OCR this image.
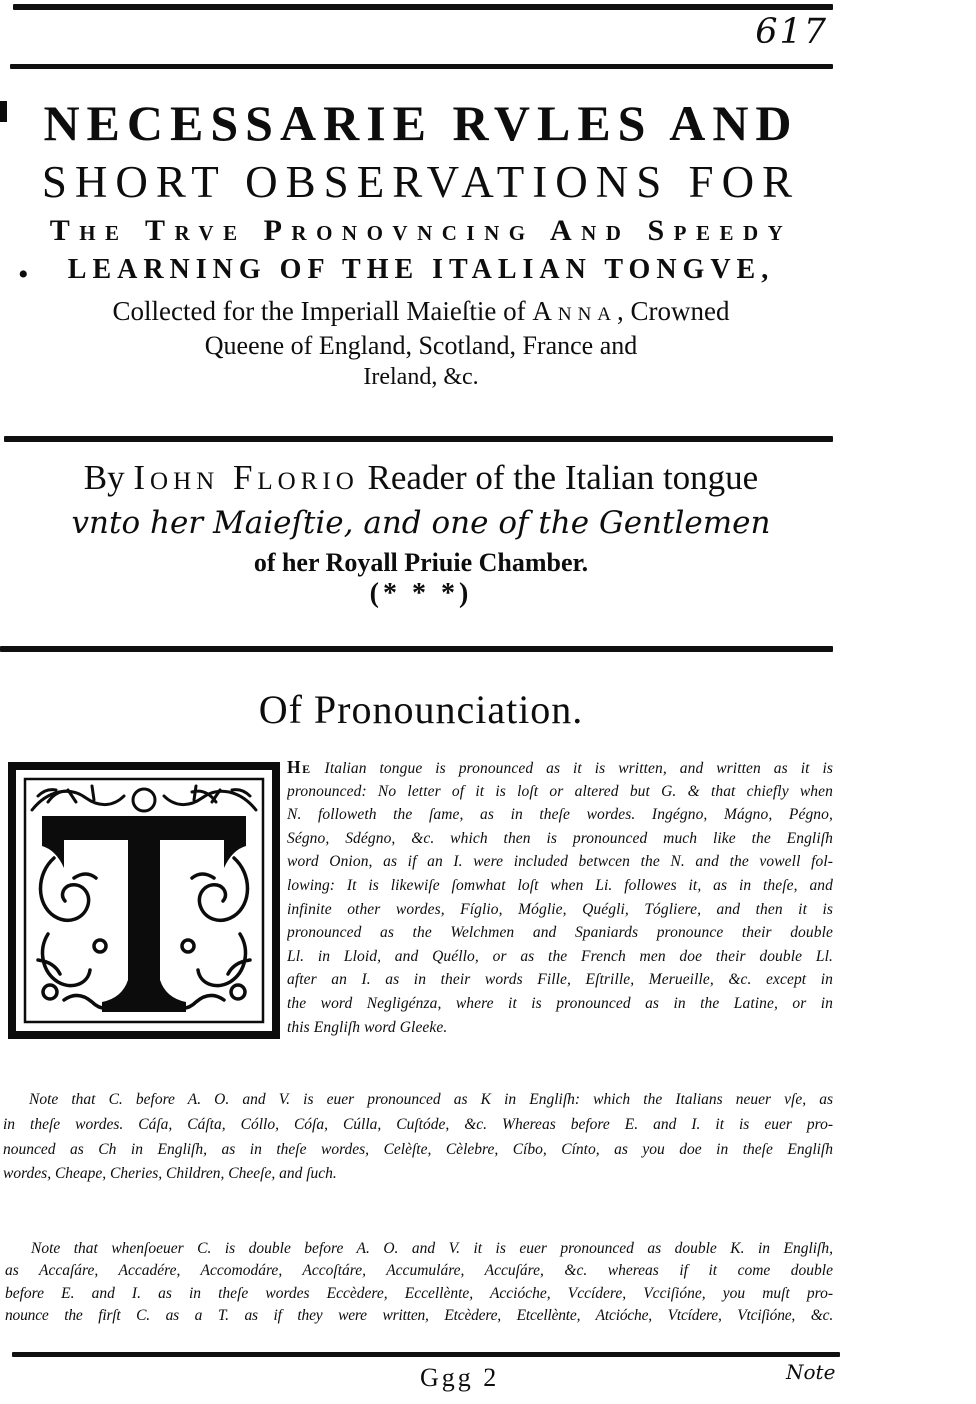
617
NECESSARIE RVLES AND
SHORT OBSERVATIONS FOR
The Trve Pronovncing And Speedy
•	LEARNING OF THE ITALIAN TONGVE,
Collected for the Imperiall Maieſtie of Anna, Crowned
Queene of England, Scotland, France and
Ireland, &c.
By Iohn Florio Reader of the Italian tongue
vnto her Maieſtie, and one of the Gentlemen
of her Royall Priuie Chamber.
(* * *)
Of Pronounciation.
He Italian tongue is pronounced as it is written, and written as it is
pronounced: No letter of it is loſt or altered but G. & that chiefly when
N. followeth the ſame, as in theſe wordes. Ingégno, Mágno, Pégno,
Ségno, Sdégno, &c. which then is pronounced much like the Engliſh
word Onion, as if an I. were included betwcen the N. and the vowell fol-
lowing: It is likewiſe ſomwhat loſt when Li. followes it, as in theſe, and
infinite other wordes, Fíglio, Móglie, Quégli, Tógliere, and then it is
pronounced as the Welchmen and Spaniards pronounce their double
Ll. in Lloid, and Quéllo, or as the French men doe their double Ll.
after an I. as in their words Fille, Eſtrille, Merueille, &c. except in
the word Negligénza, where it is pronounced as in the Latine, or in
this Engliſh word Gleeke.
Note that C. before A. O. and V. is euer pronounced as K in Engliſh: which the Italians neuer vſe, as
in theſe wordes. Cáſa, Cáſta, Cóllo, Cóſa, Cúlla, Cuſtóde, &c. Whereas before E. and I. it is euer pro-
nounced as Ch in Engliſh, as in theſe wordes, Celèſte, Cèlebre, Cíbo, Cínto, as you doe in theſe Engliſh
wordes, Cheape, Cheries, Children, Cheeſe, and ſuch.
Note that whenſoeuer C. is double before A. O. and V. it is euer pronounced as double K. in Engliſh,
as Accaſáre, Accadére, Accomodáre, Accoſtáre, Accumuláre, Accuſáre, &c. whereas if it come double
before E. and I. as in theſe wordes Eccèdere, Eccellènte, Accióche, Vccídere, Vcciſióne, you muſt pro-
nounce the firſt C. as a T. as if they were written, Etcèdere, Etcellènte, Atcióche, Vtcídere, Vtciſióne, &c.
Ggg 2	Note
